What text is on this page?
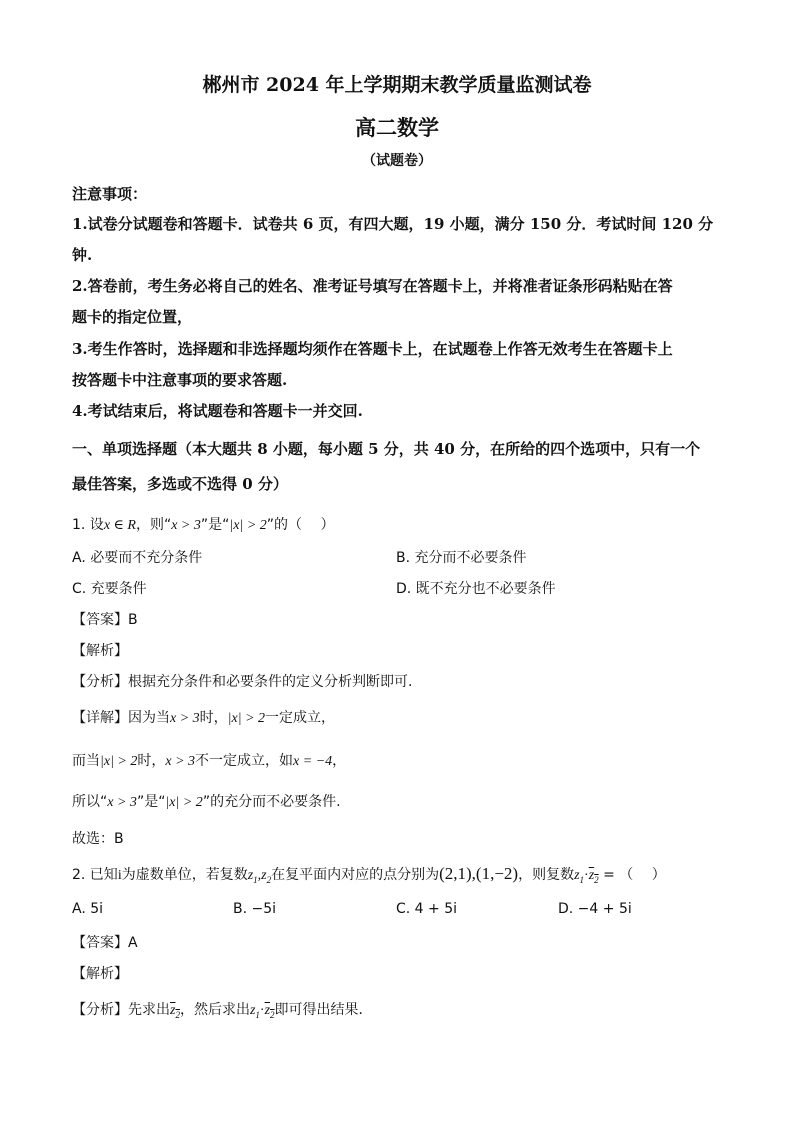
郴州市 2024 年上学期期末教学质量监测试卷
高二数学
（试题卷）
注意事项：
1.试卷分试题卷和答题卡．试卷共 6 页，有四大题，19 小题，满分 150 分．考试时间 120 分
钟.
2.答卷前，考生务必将自己的姓名、准考证号填写在答题卡上，并将准者证条形码粘贴在答
题卡的指定位置，
3.考生作答时，选择题和非选择题均须作在答题卡上，在试题卷上作答无效考生在答题卡上
按答题卡中注意事项的要求答题.
4.考试结束后，将试题卷和答题卡一并交回.
一、单项选择题（本大题共 8 小题，每小题 5 分，共 40 分，在所给的四个选项中，只有一个
最佳答案，多选或不选得 0 分）
1. 设x ∈ R，则“x > 3”是“|x| > 2”的（　 ）
A. 必要而不充分条件	B. 充分而不必要条件
C. 充要条件	D. 既不充分也不必要条件
【答案】B
【解析】
【分析】根据充分条件和必要条件的定义分析判断即可.
【详解】因为当x > 3时，|x| > 2一定成立，
而当|x| > 2时，x > 3不一定成立，如x = −4，
所以“x > 3”是“|x| > 2”的充分而不必要条件.
故选：B
2. 已知i为虚数单位，若复数$z_1,z_2$在复平面内对应的点分别为(2,1),(1,−2)，则复数$z_1\cdot z_2$ = （　 ）
A. 5i	B. −5i	C. 4 + 5i	D. −4 + 5i
【答案】A
【解析】
【分析】先求出$z_2$，然后求出$z_1\cdot z_2$即可得出结果．
